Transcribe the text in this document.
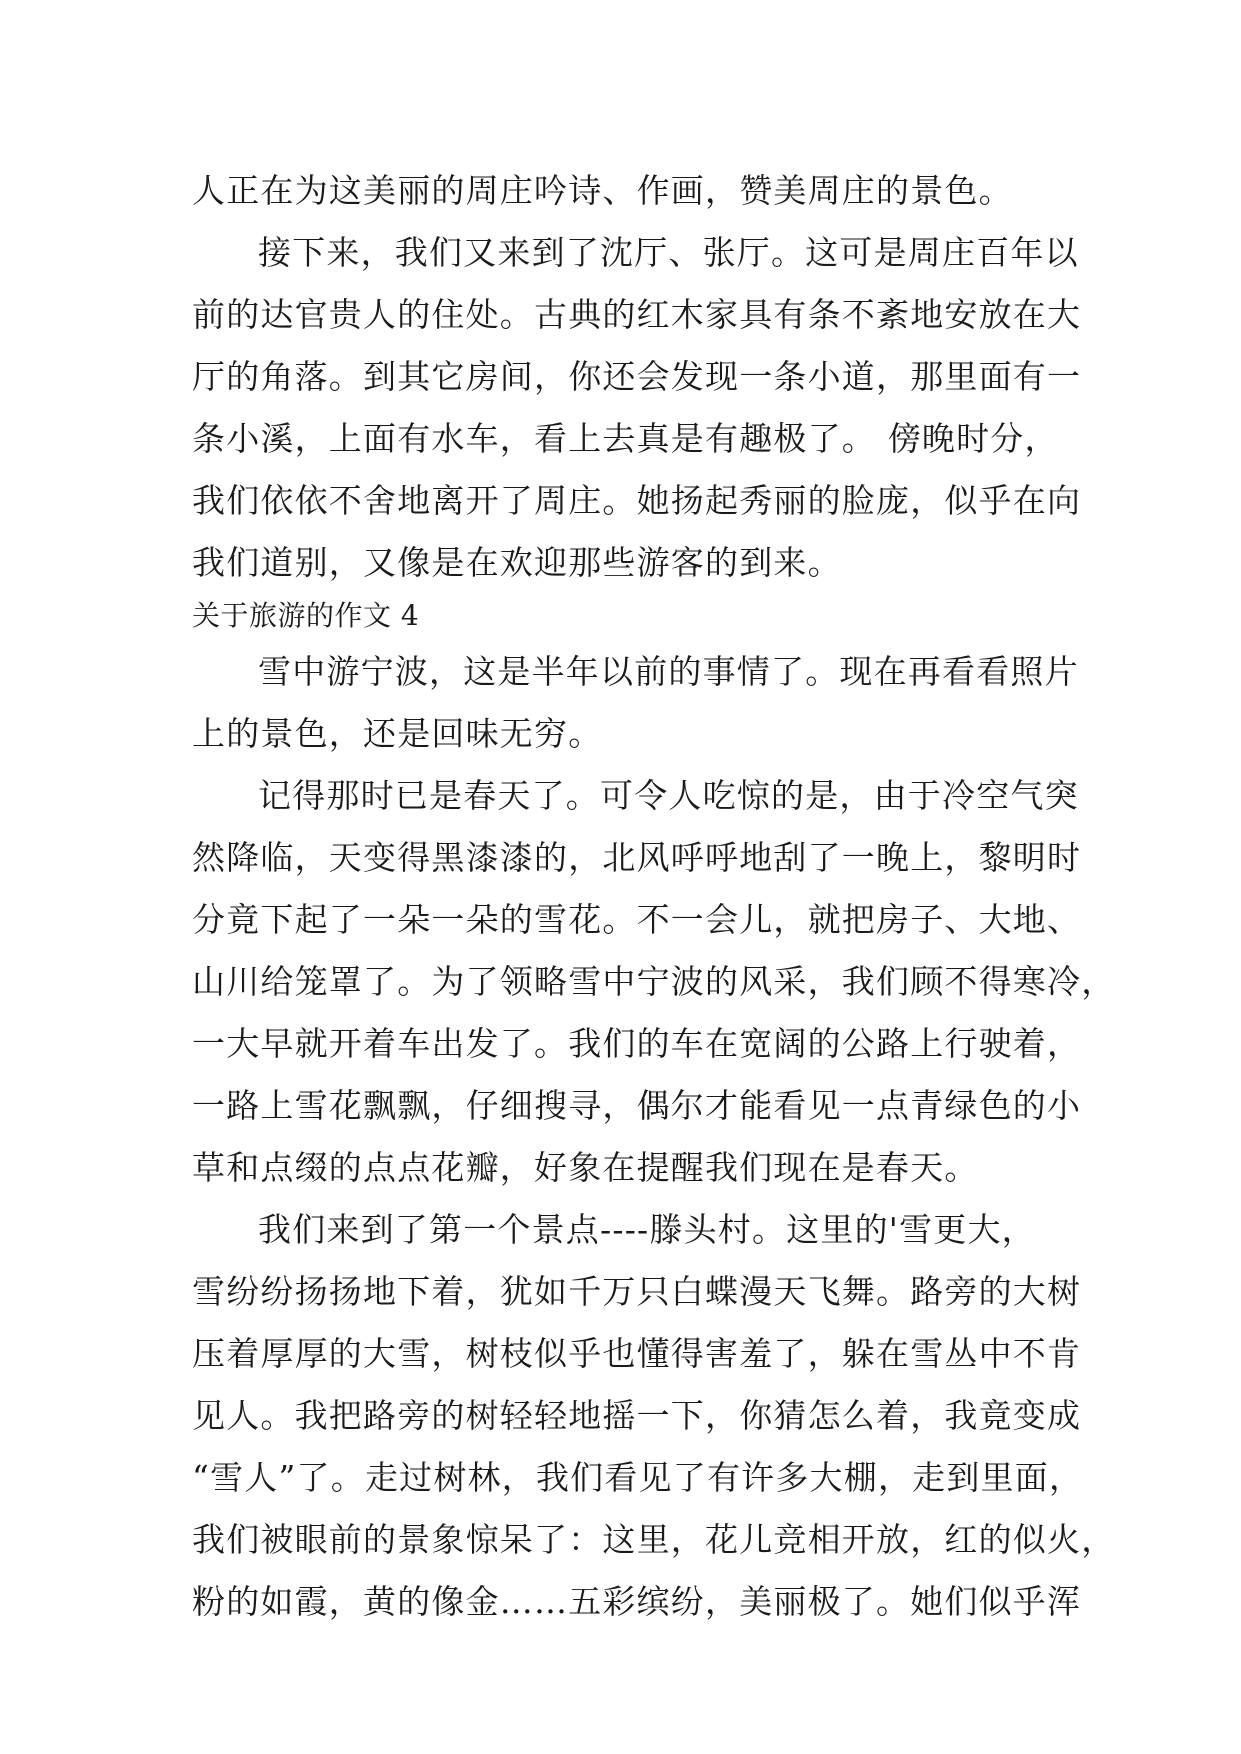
人正在为这美丽的周庄吟诗、作画，赞美周庄的景色。
接下来，我们又来到了沈厅、张厅。这可是周庄百年以
前的达官贵人的住处。古典的红木家具有条不紊地安放在大
厅的角落。到其它房间，你还会发现一条小道，那里面有一
条小溪，上面有水车，看上去真是有趣极了。 傍晚时分，
我们依依不舍地离开了周庄。她扬起秀丽的脸庞，似乎在向
我们道别，又像是在欢迎那些游客的到来。
关于旅游的作文 4
雪中游宁波，这是半年以前的事情了。现在再看看照片
上的景色，还是回味无穷。
记得那时已是春天了。可令人吃惊的是，由于冷空气突
然降临，天变得黑漆漆的，北风呼呼地刮了一晚上，黎明时
分竟下起了一朵一朵的雪花。不一会儿，就把房子、大地、
山川给笼罩了。为了领略雪中宁波的风采，我们顾不得寒冷，
一大早就开着车出发了。我们的车在宽阔的公路上行驶着，
一路上雪花飘飘，仔细搜寻，偶尔才能看见一点青绿色的小
草和点缀的点点花瓣，好象在提醒我们现在是春天。
我们来到了第一个景点----滕头村。这里的'雪更大，
雪纷纷扬扬地下着，犹如千万只白蝶漫天飞舞。路旁的大树
压着厚厚的大雪，树枝似乎也懂得害羞了，躲在雪丛中不肯
见人。我把路旁的树轻轻地摇一下，你猜怎么着，我竟变成
“雪人”了。走过树林，我们看见了有许多大棚，走到里面，
我们被眼前的景象惊呆了：这里，花儿竞相开放，红的似火，
粉的如霞，黄的像金……五彩缤纷，美丽极了。她们似乎浑
